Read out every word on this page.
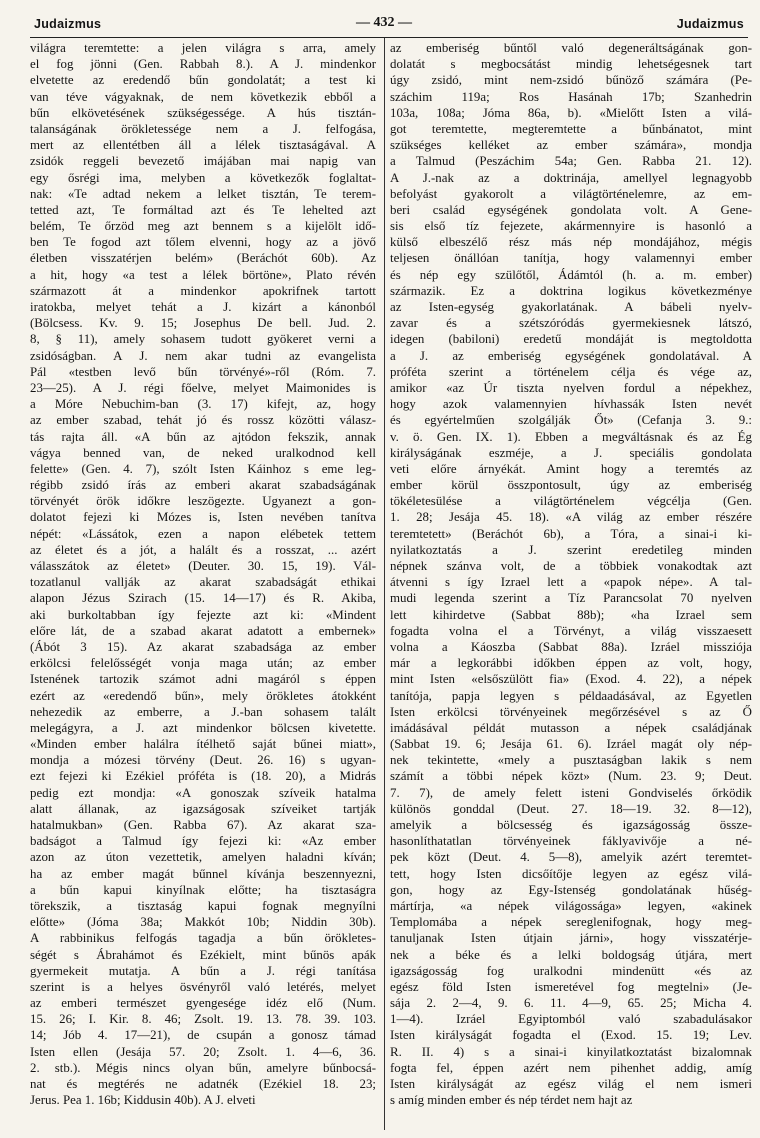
Judaizmus	— 432 —	Judaizmus

világra teremtette: a jelen világra s arra, amely

el fog jönni (Gen. Rabbah 8.). A J. mindenkor

elvetette az eredendő bűn gondolatát; a test ki

van téve vágyaknak, de nem következik ebből a

bűn elkövetésének szükségessége. A hús tisztán-

talanságának örökletessége nem a J. felfogása,

mert az ellentétben áll a lélek tisztaságával. A

zsidók reggeli bevezető imájában mai napig van

egy ősrégi ima, melyben a következők foglaltat-

nak: «Te adtad nekem a lelket tisztán, Te terem-

tetted azt, Te formáltad azt és Te lehelted azt

belém, Te őrzöd meg azt bennem s a kijelölt idő-

ben Te fogod azt tőlem elvenni, hogy az a jövő

életben visszatérjen belém» (Beráchót 60b). Az

a hit, hogy «a test a lélek börtöne», Plato révén

származott át a mindenkor apokrifnek tartott

iratokba, melyet tehát a J. kizárt a kánonból

(Bölcsess. Kv. 9. 15; Josephus De bell. Jud. 2.

8, § 11), amely sohasem tudott gyökeret verni a

zsidóságban. A J. nem akar tudni az evangelista

Pál «testben levő bűn törvényé»-ről (Róm. 7.

23—25). A J. régi főelve, melyet Maimonides is

a Móre Nebuchim-ban (3. 17) kifejt, az, hogy

az ember szabad, tehát jó és rossz közötti válasz-

tás rajta áll. «A bűn az ajtódon fekszik, annak

vágya benned van, de neked uralkodnod kell

felette» (Gen. 4. 7), szólt Isten Káinhoz s eme leg-

régibb zsidó írás az emberi akarat szabadságának

törvényét örök időkre leszögezte. Ugyanezt a gon-

dolatot fejezi ki Mózes is, Isten nevében tanítva

népét: «Lássátok, ezen a napon elébetek tettem

az életet és a jót, a halált és a rosszat, ... azért

válasszátok az életet» (Deuter. 30. 15, 19). Vál-

tozatlanul vallják az akarat szabadságát ethikai

alapon Jézus Szirach (15. 14—17) és R. Akiba,

aki burkoltabban így fejezte azt ki: «Mindent

előre lát, de a szabad akarat adatott a embernek»

(Ábót 3 15). Az akarat szabadsága az ember

erkölcsi felelősségét vonja maga után; az ember

Istenének tartozik számot adni magáról s éppen

ezért az «eredendő bűn», mely örökletes átokként

nehezedik az emberre, a J.-ban sohasem talált

melegágyra, a J. azt mindenkor bölcsen kivetette.

«Minden ember halálra ítélhető saját bűnei miatt»,

mondja a mózesi törvény (Deut. 26. 16) s ugyan-

ezt fejezi ki Ezékiel próféta is (18. 20), a Midrás

pedig ezt mondja: «A gonoszak szíveik hatalma

alatt állanak, az igazságosak szíveiket tartják

hatalmukban» (Gen. Rabba 67). Az akarat sza-

badságot a Talmud így fejezi ki: «Az ember

azon az úton vezettetik, amelyen haladni kíván;

ha az ember magát bűnnel kívánja beszennyezni,

a bűn kapui kinyílnak előtte; ha tisztaságra

törekszik, a tisztaság kapui fognak megnyílni

előtte» (Jóma 38a; Makkót 10b; Niddin 30b).

A rabbinikus felfogás tagadja a bűn örökletes-

ségét s Ábrahámot és Ezékielt, mint bűnös apák

gyermekeit mutatja. A bűn a J. régi tanítása

szerint is a helyes ösvényről való letérés, melyet

az emberi természet gyengesége idéz elő (Num.

15. 26; I. Kir. 8. 46; Zsolt. 19. 13. 78. 39. 103.

14; Jób 4. 17—21), de csupán a gonosz támad

Isten ellen (Jesája 57. 20; Zsolt. 1. 4—6, 36.

2. stb.). Mégis nincs olyan bűn, amelyre bűnbocsá-

nat és megtérés ne adatnék (Ezékiel 18. 23;

Jerus. Pea 1. 16b; Kiddusin 40b). A J. elveti

az emberiség bűntől való degeneráltságának gon-

dolatát s megbocsátást mindig lehetségesnek tart

úgy zsidó, mint nem-zsidó bűnöző számára (Pe-

száchim 119a; Ros Hasánah 17b; Szanhedrin

103a, 108a; Jóma 86a, b). «Mielőtt Isten a vilá-

got teremtette, megteremtette a bűnbánatot, mint

szükséges kelléket az ember számára», mondja

a Talmud (Peszáchim 54a; Gen. Rabba 21. 12).

A J.-nak az a doktrinája, amellyel legnagyobb

befolyást gyakorolt a világtörténelemre, az em-

beri család egységének gondolata volt. A Gene-

sis első tíz fejezete, akármennyire is hasonló a

külső elbeszélő rész más nép mondájához, mégis

teljesen önállóan tanítja, hogy valamennyi ember

és nép egy szülőtől, Ádámtól (h. a. m. ember)

származik. Ez a doktrina logikus következménye

az Isten-egység gyakorlatának. A bábeli nyelv-

zavar és a szétszóródás gyermekiesnek látszó,

idegen (babiloni) eredetű mondáját is megtoldotta

a J. az emberiség egységének gondolatával. A

próféta szerint a történelem célja és vége az,

amikor «az Úr tiszta nyelven fordul a népekhez,

hogy azok valamennyien hívhassák Isten nevét

és egyértelműen szolgálják Őt» (Cefanja 3. 9.:

v. ö. Gen. IX. 1). Ebben a megváltásnak és az Ég

királyságának eszméje, a J. speciális gondolata

veti előre árnyékát. Amint hogy a teremtés az

ember körül összpontosult, úgy az emberiség

tökéletesülése a világtörténelem végcélja (Gen.

1. 28; Jesája 45. 18). «A világ az ember részére

teremtetett» (Beráchót 6b), a Tóra, a sinai-i ki-

nyilatkoztatás a J. szerint eredetileg minden

népnek szánva volt, de a többiek vonakodtak azt

átvenni s így Izrael lett a «papok népe». A tal-

mudi legenda szerint a Tíz Parancsolat 70 nyelven

lett kihirdetve (Sabbat 88b); «ha Izrael sem

fogadta volna el a Törvényt, a világ visszaesett

volna a Káoszba (Sabbat 88a). Izráel missziója

már a legkorábbi időkben éppen az volt, hogy,

mint Isten «elsőszülött fia» (Exod. 4. 22), a népek

tanítója, papja legyen s példaadásával, az Egyetlen

Isten erkölcsi törvényeinek megőrzésével s az Ő

imádásával példát mutasson a népek családjának

(Sabbat 19. 6; Jesája 61. 6). Izráel magát oly nép-

nek tekintette, «mely a pusztaságban lakik s nem

számít a többi népek közt» (Num. 23. 9; Deut.

7. 7), de amely felett isteni Gondviselés őrködik

különös gonddal (Deut. 27. 18—19. 32. 8—12),

amelyik a bölcsesség és igazságosság össze-

hasonlíthatatlan törvényeinek fáklyavivője a né-

pek közt (Deut. 4. 5—8), amelyik azért teremtet-

tett, hogy Isten dicsőítője legyen az egész vilá-

gon, hogy az Egy-Istenség gondolatának hűség-

mártírja, «a népek világossága» legyen, «akinek

Templomába a népek sereglenifognak, hogy meg-

tanuljanak Isten útjain járni», hogy visszatérje-

nek a béke és a lelki boldogság útjára, mert

igazságosság fog uralkodni mindenütt «és az

egész föld Isten ismeretével fog megtelni» (Je-

sája 2. 2—4, 9. 6. 11. 4—9, 65. 25; Micha 4.

1—4). Izráel Egyiptomból való szabadulásakor

Isten királyságát fogadta el (Exod. 15. 19; Lev.

R. II. 4) s a sinai-i kinyilatkoztatást bizalomnak

fogta fel, éppen azért nem pihenhet addig, amíg

Isten királyságát az egész világ el nem ismeri

s amíg minden ember és nép térdet nem hajt az
